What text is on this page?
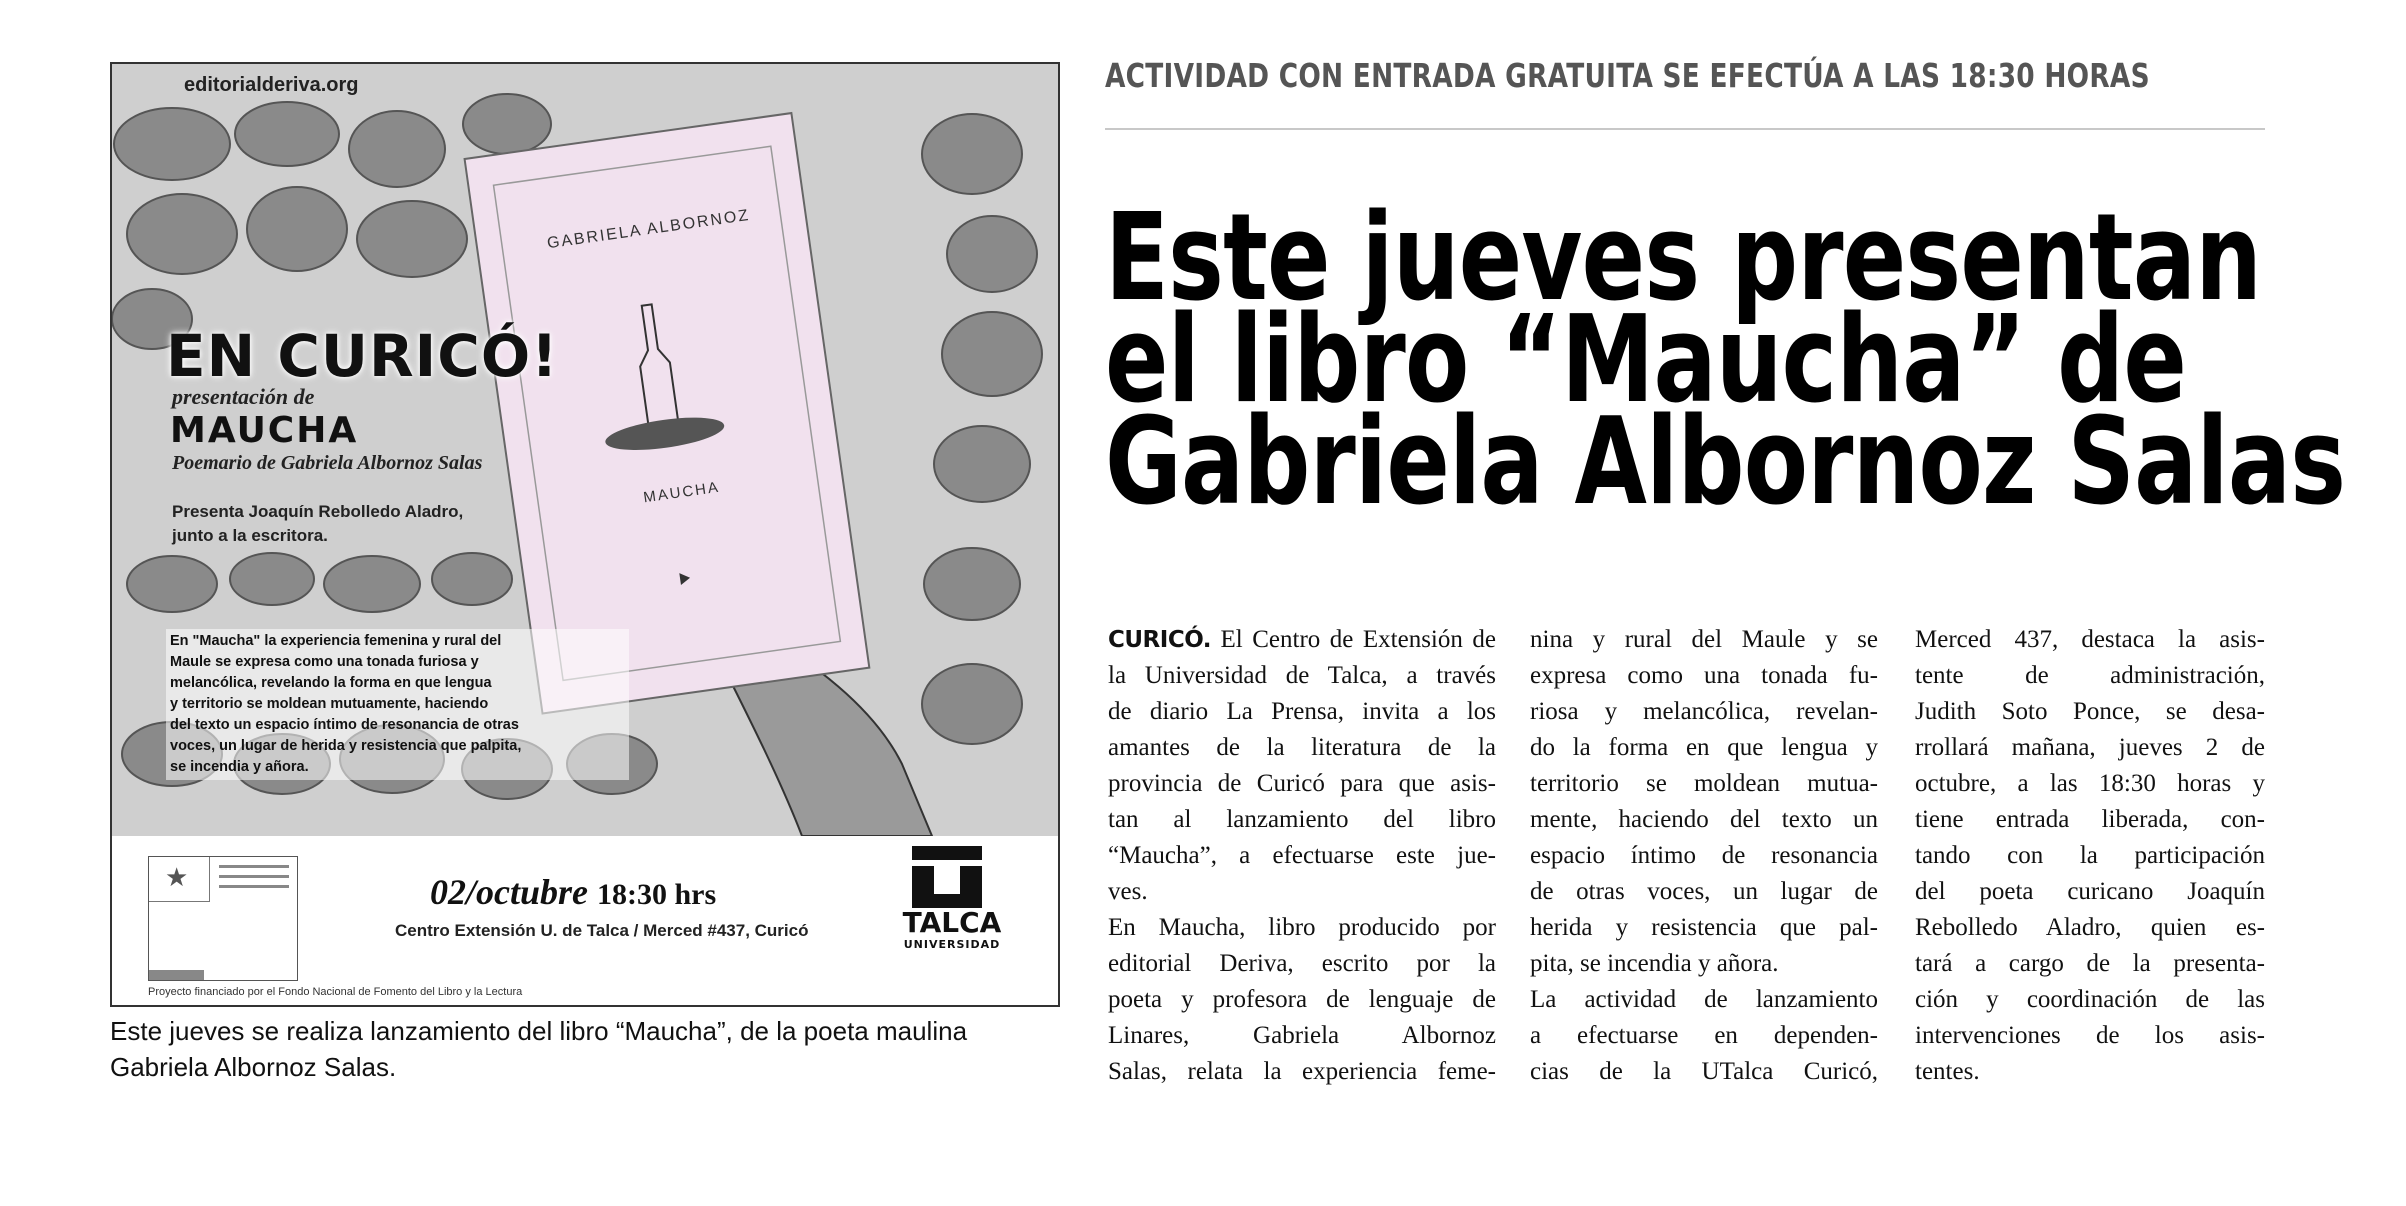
GABRIELA ALBORNOZ
MAUCHA
editorialderiva.org
EN CURICÓ!
presentación de
MAUCHA
Poemario de Gabriela Albornoz Salas
Presenta Joaquín Rebolledo Aladro,
junto a la escritora.
En "Maucha" la experiencia femenina y rural del
Maule se expresa como una tonada furiosa y
melancólica, revelando la forma en que lengua
y territorio se moldean mutuamente, haciendo
del texto un espacio íntimo de resonancia de otras
voces, un lugar de herida y resistencia que palpita,
se incendia y añora.
★	02/octubre 18:30 hrs
Centro Extensión U. de Talca / Merced #437, Curicó
Proyecto financiado por el Fondo Nacional de Fomento del Libro y la Lectura
TALCA
UNIVERSIDAD
Este jueves se realiza lanzamiento del libro “Maucha”, de la poeta maulina
Gabriela Albornoz Salas.
ACTIVIDAD CON ENTRADA GRATUITA SE EFECTÚA A LAS 18:30 HORAS
Este jueves presentan
el libro “Maucha” de
Gabriela Albornoz Salas
CURICÓ. El Centro de Extensión de
la Universidad de Talca, a través
de diario La Prensa, invita a los
amantes de la literatura de la
provincia de Curicó para que asis-
tan al lanzamiento del libro
“Maucha”, a efectuarse este jue-
ves.
En Maucha, libro producido por
editorial Deriva, escrito por la
poeta y profesora de lenguaje de
Linares, Gabriela Albornoz
Salas, relata la experiencia feme-
nina y rural del Maule y se
expresa como una tonada fu-
riosa y melancólica, revelan-
do la forma en que lengua y
territorio se moldean mutua-
mente, haciendo del texto un
espacio íntimo de resonancia
de otras voces, un lugar de
herida y resistencia que pal-
pita, se incendia y añora.
La actividad de lanzamiento
a efectuarse en dependen-
cias de la UTalca Curicó,
Merced 437, destaca la asis-
tente de administración,
Judith Soto Ponce, se desa-
rrollará mañana, jueves 2 de
octubre, a las 18:30 horas y
tiene entrada liberada, con-
tando con la participación
del poeta curicano Joaquín
Rebolledo Aladro, quien es-
tará a cargo de la presenta-
ción y coordinación de las
intervenciones de los asis-
tentes.
